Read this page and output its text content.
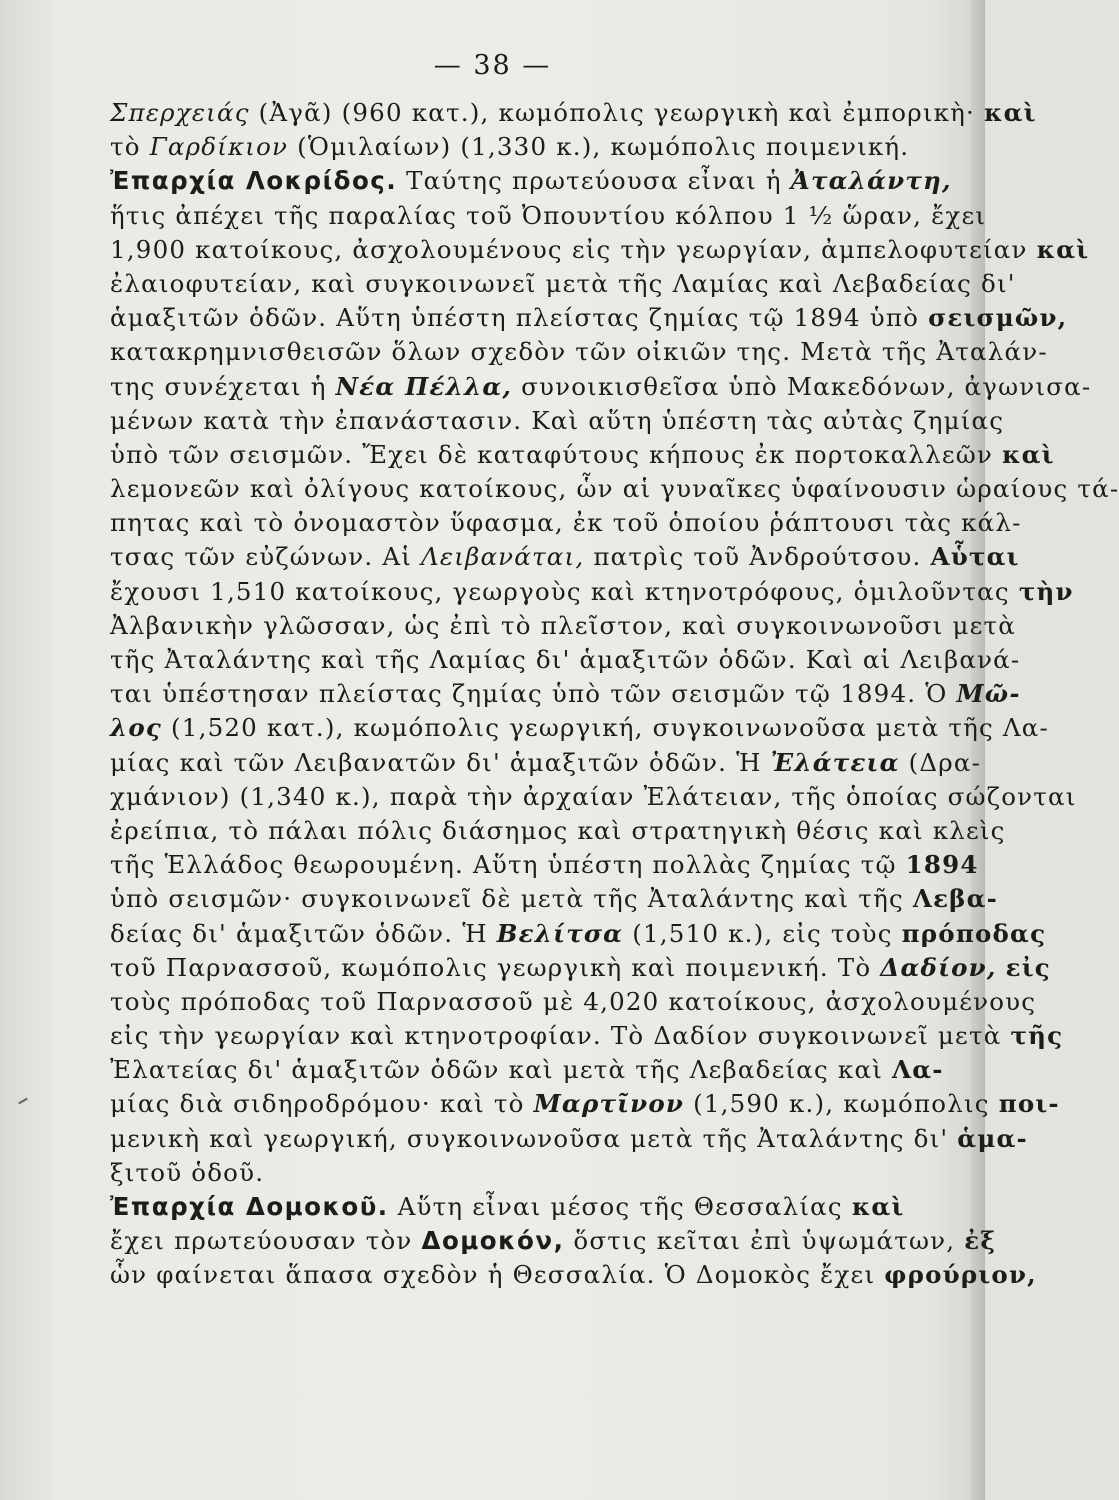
— 38 —
Σπερχειάς (Ἀγᾶ) (960 κατ.), κωμόπολις γεωργικὴ καὶ ἐμπορικὴ· καὶ
τὸ Γαρδίκιον (Ὁμιλαίων) (1,330 κ.), κωμόπολις ποιμενική.
Ἐπαρχία Λοκρίδος. Ταύτης πρωτεύουσα εἶναι ἡ Ἀταλάντη,
ἥτις ἀπέχει τῆς παραλίας τοῦ Ὀπουντίου κόλπου 1 ½ ὥραν, ἔχει
1,900 κατοίκους, ἀσχολουμένους εἰς τὴν γεωργίαν, ἀμπελοφυτείαν καὶ
ἐλαιοφυτείαν, καὶ συγκοινωνεῖ μετὰ τῆς Λαμίας καὶ Λεβαδείας δι'
ἁμαξιτῶν ὁδῶν. Αὕτη ὑπέστη πλείστας ζημίας τῷ 1894 ὑπὸ σεισμῶν,
κατακρημνισθεισῶν ὅλων σχεδὸν τῶν οἰκιῶν της. Μετὰ τῆς Ἀταλάν-
της συνέχεται ἡ Νέα Πέλλα, συνοικισθεῖσα ὑπὸ Μακεδόνων, ἀγωνισα-
μένων κατὰ τὴν ἐπανάστασιν. Καὶ αὕτη ὑπέστη τὰς αὐτὰς ζημίας
ὑπὸ τῶν σεισμῶν. Ἔχει δὲ καταφύτους κήπους ἐκ πορτοκαλλεῶν καὶ
λεμονεῶν καὶ ὀλίγους κατοίκους, ὧν αἱ γυναῖκες ὑφαίνουσιν ὡραίους τά-
πητας καὶ τὸ ὀνομαστὸν ὕφασμα, ἐκ τοῦ ὁποίου ῥάπτουσι τὰς κάλ-
τσας τῶν εὐζώνων. Αἱ Λειβανάται, πατρὶς τοῦ Ἀνδρούτσου. Αὗται
ἔχουσι 1,510 κατοίκους, γεωργοὺς καὶ κτηνοτρόφους, ὁμιλοῦντας τὴν
Ἀλβανικὴν γλῶσσαν, ὡς ἐπὶ τὸ πλεῖστον, καὶ συγκοινωνοῦσι μετὰ
τῆς Ἀταλάντης καὶ τῆς Λαμίας δι' ἁμαξιτῶν ὁδῶν. Καὶ αἱ Λειβανά-
ται ὑπέστησαν πλείστας ζημίας ὑπὸ τῶν σεισμῶν τῷ 1894. Ὁ Μῶ-
λος (1,520 κατ.), κωμόπολις γεωργική, συγκοινωνοῦσα μετὰ τῆς Λα-
μίας καὶ τῶν Λειβανατῶν δι' ἁμαξιτῶν ὁδῶν. Ἡ Ἐλάτεια (Δρα-
χμάνιον) (1,340 κ.), παρὰ τὴν ἀρχαίαν Ἐλάτειαν, τῆς ὁποίας σώζονται
ἐρείπια, τὸ πάλαι πόλις διάσημος καὶ στρατηγικὴ θέσις καὶ κλεὶς
τῆς Ἑλλάδος θεωρουμένη. Αὕτη ὑπέστη πολλὰς ζημίας τῷ 1894
ὑπὸ σεισμῶν· συγκοινωνεῖ δὲ μετὰ τῆς Ἀταλάντης καὶ τῆς Λεβα-
δείας δι' ἁμαξιτῶν ὁδῶν. Ἡ Βελίτσα (1,510 κ.), εἰς τοὺς πρόποδας
τοῦ Παρνασσοῦ, κωμόπολις γεωργικὴ καὶ ποιμενική. Τὸ Δαδίον, εἰς
τοὺς πρόποδας τοῦ Παρνασσοῦ μὲ 4,020 κατοίκους, ἀσχολουμένους
εἰς τὴν γεωργίαν καὶ κτηνοτροφίαν. Τὸ Δαδίον συγκοινωνεῖ μετὰ τῆς
Ἐλατείας δι' ἁμαξιτῶν ὁδῶν καὶ μετὰ τῆς Λεβαδείας καὶ Λα-
μίας διὰ σιδηροδρόμου· καὶ τὸ Μαρτῖνον (1,590 κ.), κωμόπολις ποι-
μενικὴ καὶ γεωργική, συγκοινωνοῦσα μετὰ τῆς Ἀταλάντης δι' ἁμα-
ξιτοῦ ὁδοῦ.
Ἐπαρχία Δομοκοῦ. Αὕτη εἶναι μέσος τῆς Θεσσαλίας καὶ
ἔχει πρωτεύουσαν τὸν Δομοκόν, ὅστις κεῖται ἐπὶ ὑψωμάτων, ἐξ
ὧν φαίνεται ἅπασα σχεδὸν ἡ Θεσσαλία. Ὁ Δομοκὸς ἔχει φρούριον,
